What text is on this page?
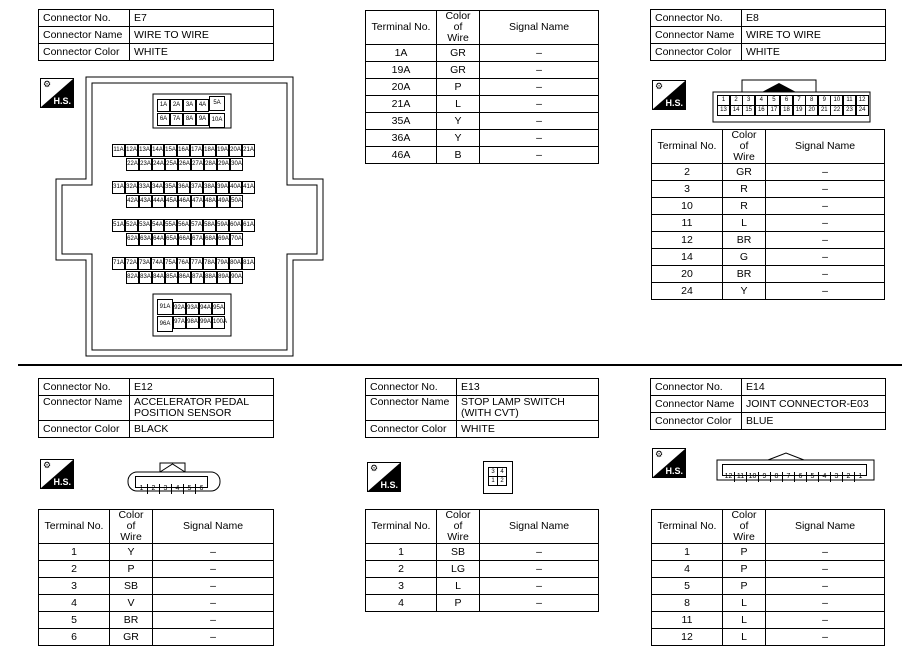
Connector No.	E7
Connector Name	WIRE TO WIRE
Connector Color	WHITE
⚙
H.S.	1A 2A 3A 4A	5A
6A 7A 8A 9A 10A
11A 12A 13A 14A 15A 16A 17A 18A 19A 20A 21A
22A 23A 24A 25A 26A 27A 28A 29A 30A
31A 32A 33A 34A 35A 36A 37A 38A 39A 40A 41A
42A 43A 44A 45A 46A 47A 48A 49A 50A
51A 52A 53A 54A 55A 56A 57A 58A 59A 60A 61A
62A 63A 64A 65A 66A 67A 68A 69A 70A
71A 72A 73A 74A 75A 76A 77A 78A 79A 80A 81A
82A 83A 84A 85A 86A 87A 88A 89A 90A
91A 92A 93A 94A 95A
96A 97A 98A 99A 100A
Terminal No.	Color of
Wire	Signal Name
1A	GR	–
19A	GR	–
20A	P	–
21A	L	–
35A	Y	–
36A	Y	–
46A	B	–
Connector No.	E8
Connector Name	WIRE TO WIRE
Connector Color	WHITE
⚙
H.S.	1	2	3	4	5	6	7	8	9	10	11	12
13 14 15 16 17 18 19 20 21 22 23 24
Terminal No.	Color of
Wire	Signal Name
2	GR	–
3	R	–
10	R	–
11	L	–
12	BR	–
14	G	–
20	BR	–
24	Y	–
Connector No.	E12
Connector Name	ACCELERATOR PEDAL
POSITION SENSOR
Connector Color	BLACK
⚙
H.S.
1 2 3 4 5 6
Terminal No.	Color of
Wire	Signal Name
1	Y	–
2	P	–
3	SB	–
4	V	–
5	BR	–
6	GR	–
Connector No.	E13
Connector Name	STOP LAMP SWITCH
(WITH CVT)
Connector Color	WHITE
⚙
H.S.
3 4
1 2
Terminal No.	Color of
Wire	Signal Name
1	SB	–
2	LG	–
3	L	–
4	P	–
Connector No.	E14
Connector Name	JOINT CONNECTOR-E03
Connector Color	BLUE
⚙
H.S.
12 11 10 9 8 7 6 5 4 3 2 1
Terminal No.	Color of
Wire	Signal Name
1	P	–
4	P	–
5	P	–
8	L	–
11	L	–
12	L	–
